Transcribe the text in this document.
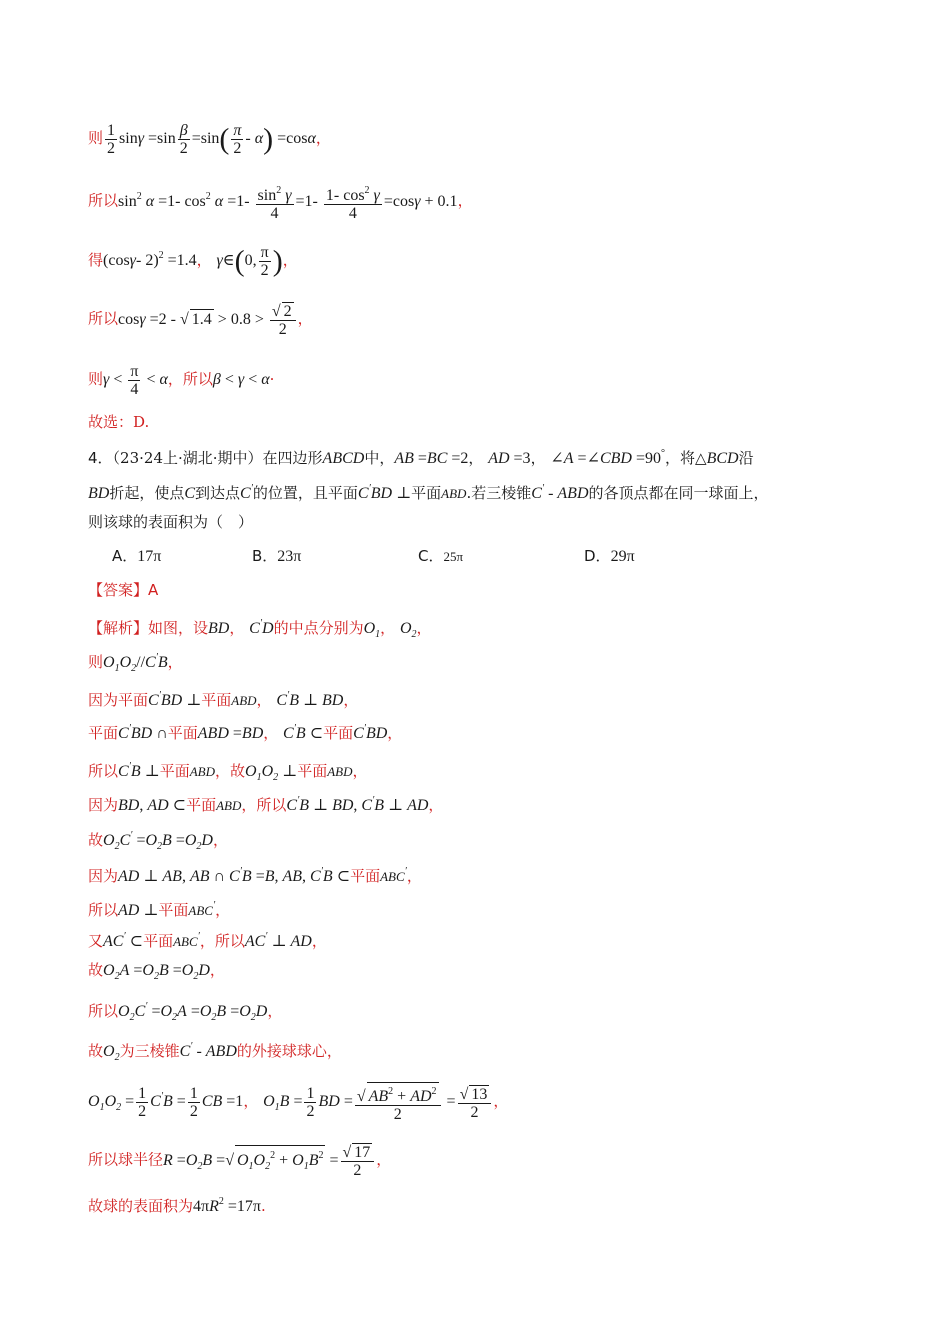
则 $\frac{1}{2}$ $\sin\gamma =\sin \frac{\beta}{2} =\sin( \frac{\pi}{2} - \alpha) =\cos\alpha$，
所以$\sin^2 \alpha =1-$ $\cos^2 \alpha =1- \frac{\sin^2 \gamma}{4} =1- \frac{1- \cos^2 \gamma}{4} =\cos\gamma + 0.1$，
得(cosγ- 2)$^2$ =1.4， γ∈(0, $\frac{\pi}{2}$ )，
所以cosγ =2 - √ $1.4 > 0.8 > \frac{√ 2}{2}$ ，
则$\gamma < \frac{\pi}{4} < \alpha$，所以β < γ < α·
故选：D.
4．（23·24上·湖北·期中）在四边形ABCD中，AB =BC =2， AD =3， ∠A =∠CBD =90°，将△BCD沿
BD折起，使点C到达点C′的位置，且平面C′BD ⊥平面ABD.若三棱锥C′ - ABD的各顶点都在同一球面上，
则该球的表面积为（　）
A．17π	B．23π	C．25π	D．29π
【答案】A
【解析】如图，设BD， C′D的中点分别为$O_1$， $O_2$，
则$O_1O_2//C'B$，
因为平面C′BD ⊥平面ABD， C′B ⊥ BD，
平面C′BD ∩平面ABD =BD， C′B ⊂平面C′BD，
所以C′B ⊥平面ABD，故$O_1O_2$ ⊥平面ABD，
因为BD, AD ⊂平面ABD，所以C′B ⊥ BD, C′B ⊥ AD，
故$O_2C' =O_2B =O_2D$，
因为AD ⊥ AB, AB ∩ C′B =B, AB, C′B ⊂平面ABC′，
所以AD ⊥平面ABC′，
又AC′ ⊂平面ABC′，所以AC′ ⊥ AD，
故$O_2A =O_2B =O_2D$，
所以$O_2C' =O_2A =O_2B =O_2D$，
故$O_2$为三棱锥C′ - ABD的外接球球心，
$O_1O_2 = \frac{1}{2} C'B = \frac{1}{2}$ CB =1， $O_1B = \frac{1}{2}$ BD = $\frac{√ AB^2 + AD^2}{2} = \frac{√ 13}{2}$ ，
所以球半径$R =O_2B$ =√ $O_1O_2^2 + O_1B^2 = \frac{√ 17}{2}$ ，
故球的表面积为$4\pi R^2 =17\pi$.
